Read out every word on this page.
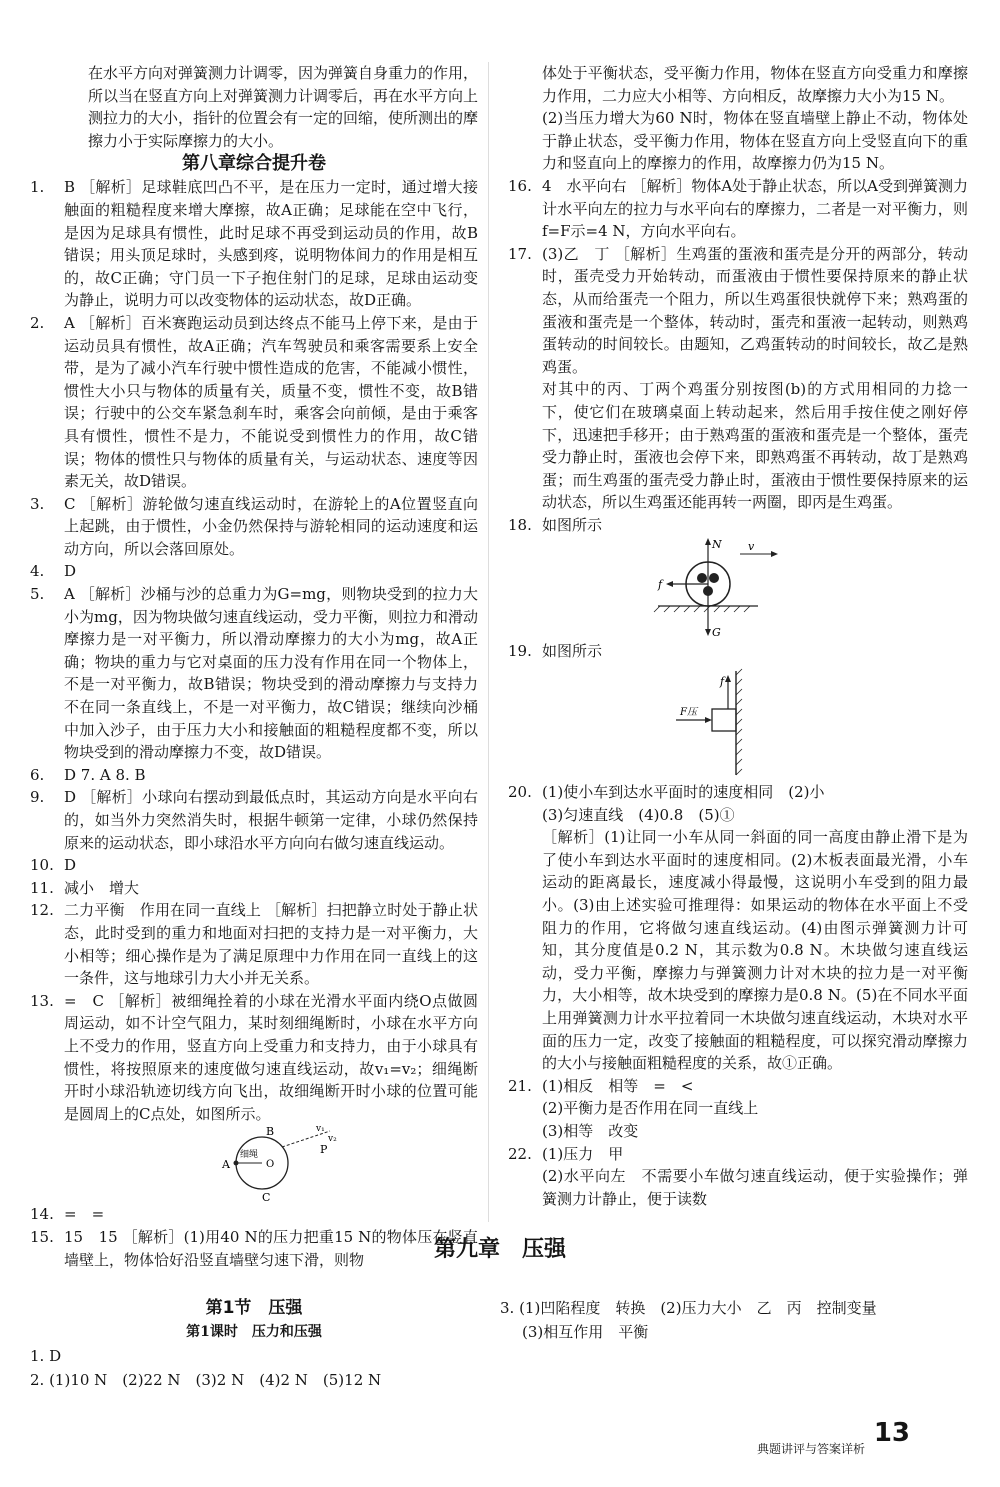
在水平方向对弹簧测力计调零，因为弹簧自身重力的作用，所以当在竖直方向上对弹簧测力计调零后，再在水平方向上测拉力的大小，指针的位置会有一定的回缩，使所测出的摩擦力小于实际摩擦力的大小。
第八章综合提升卷
1.	B ［解析］足球鞋底凹凸不平，是在压力一定时，通过增大接触面的粗糙程度来增大摩擦，故A正确；足球能在空中飞行，是因为足球具有惯性，此时足球不再受到运动员的作用，故B错误；用头顶足球时，头感到疼，说明物体间力的作用是相互的，故C正确；守门员一下子抱住射门的足球，足球由运动变为静止，说明力可以改变物体的运动状态，故D正确。
2.	A ［解析］百米赛跑运动员到达终点不能马上停下来，是由于运动员具有惯性，故A正确；汽车驾驶员和乘客需要系上安全带，是为了减小汽车行驶中惯性造成的危害，不能减小惯性，惯性大小只与物体的质量有关，质量不变，惯性不变，故B错误；行驶中的公交车紧急刹车时，乘客会向前倾，是由于乘客具有惯性，惯性不是力，不能说受到惯性力的作用，故C错误；物体的惯性只与物体的质量有关，与运动状态、速度等因素无关，故D错误。
3.	C ［解析］游轮做匀速直线运动时，在游轮上的A位置竖直向上起跳，由于惯性，小金仍然保持与游轮相同的运动速度和运动方向，所以会落回原处。
4.	D
5.	A ［解析］沙桶与沙的总重力为G=mg，则物块受到的拉力大小为mg，因为物块做匀速直线运动，受力平衡，则拉力和滑动摩擦力是一对平衡力，所以滑动摩擦力的大小为mg，故A正确；物块的重力与它对桌面的压力没有作用在同一个物体上，不是一对平衡力，故B错误；物块受到的滑动摩擦力与支持力不在同一条直线上，不是一对平衡力，故C错误；继续向沙桶中加入沙子，由于压力大小和接触面的粗糙程度都不变，所以物块受到的滑动摩擦力不变，故D错误。
6.	D 7. A 8. B
9.	D ［解析］小球向右摆动到最低点时，其运动方向是水平向右的，如当外力突然消失时，根据牛顿第一定律，小球仍然保持原来的运动状态，即小球沿水平方向向右做匀速直线运动。
10. D
11. 减小　增大
12. 二力平衡　作用在同一直线上 ［解析］扫把静立时处于静止状态，此时受到的重力和地面对扫把的支持力是一对平衡力，大小相等；细心操作是为了满足原理中力作用在同一直线上的这一条件，这与地球引力大小并无关系。
13. =　C ［解析］被细绳拴着的小球在光滑水平面内绕O点做圆周运动，如不计空气阻力，某时刻细绳断时，小球在水平方向上不受力的作用，竖直方向上受重力和支持力，由于小球具有惯性，将按照原来的速度做匀速直线运动，故v₁=v₂；细绳断开时小球沿轨迹切线方向飞出，故细绳断开时小球的位置可能是圆周上的C点处，如图所示。
A
B
C
O
P
细绳
v₁
v₂
14. =　=
15. 15　15 ［解析］(1)用40 N的压力把重15 N的物体压在竖直墙壁上，物体恰好沿竖直墙壁匀速下滑，则物
体处于平衡状态，受平衡力作用，物体在竖直方向受重力和摩擦力作用，二力应大小相等、方向相反，故摩擦力大小为15 N。
(2)当压力增大为60 N时，物体在竖直墙壁上静止不动，物体处于静止状态，受平衡力作用，物体在竖直方向上受竖直向下的重力和竖直向上的摩擦力的作用，故摩擦力仍为15 N。
16. 4　水平向右 ［解析］物体A处于静止状态，所以A受到弹簧测力计水平向左的拉力与水平向右的摩擦力，二者是一对平衡力，则 f=F示=4 N，方向水平向右。
17. (3)乙　丁 ［解析］生鸡蛋的蛋液和蛋壳是分开的两部分，转动时，蛋壳受力开始转动，而蛋液由于惯性要保持原来的静止状态，从而给蛋壳一个阻力，所以生鸡蛋很快就停下来；熟鸡蛋的蛋液和蛋壳是一个整体，转动时，蛋壳和蛋液一起转动，则熟鸡蛋转动的时间较长。由题知，乙鸡蛋转动的时间较长，故乙是熟鸡蛋。
对其中的丙、丁两个鸡蛋分别按图(b)的方式用相同的力捻一下，使它们在玻璃桌面上转动起来，然后用手按住使之刚好停下，迅速把手移开；由于熟鸡蛋的蛋液和蛋壳是一个整体，蛋壳受力静止时，蛋液也会停下来，即熟鸡蛋不再转动，故丁是熟鸡蛋；而生鸡蛋的蛋壳受力静止时，蛋液由于惯性要保持原来的运动状态，所以生鸡蛋还能再转一两圈，即丙是生鸡蛋。
18. 如图所示
N v
f
G
19. 如图所示
f
F压
20. (1)使小车到达水平面时的速度相同　(2)小
(3)匀速直线　(4)0.8　(5)①
［解析］(1)让同一小车从同一斜面的同一高度由静止滑下是为了使小车到达水平面时的速度相同。(2)木板表面最光滑，小车运动的距离最长，速度减小得最慢，这说明小车受到的阻力最小。(3)由上述实验可推理得：如果运动的物体在水平面上不受阻力的作用，它将做匀速直线运动。(4)由图示弹簧测力计可知，其分度值是0.2 N，其示数为0.8 N。木块做匀速直线运动，受力平衡，摩擦力与弹簧测力计对木块的拉力是一对平衡力，大小相等，故木块受到的摩擦力是0.8 N。(5)在不同水平面上用弹簧测力计水平拉着同一木块做匀速直线运动，木块对水平面的压力一定，改变了接触面的粗糙程度，可以探究滑动摩擦力的大小与接触面粗糙程度的关系，故①正确。
21. (1)相反　相等　=　<
(2)平衡力是否作用在同一直线上
(3)相等　改变
22. (1)压力　甲
(2)水平向左　不需要小车做匀速直线运动，便于实验操作；弹簧测力计静止，便于读数
第九章　压强
第1节　压强
第1课时　压力和压强
1. D
2. (1)10 N　(2)22 N　(3)2 N　(4)2 N　(5)12 N
3. (1)凹陷程度　转换　(2)压力大小　乙　丙　控制变量
(3)相互作用　平衡
典题讲评与答案详析
13
